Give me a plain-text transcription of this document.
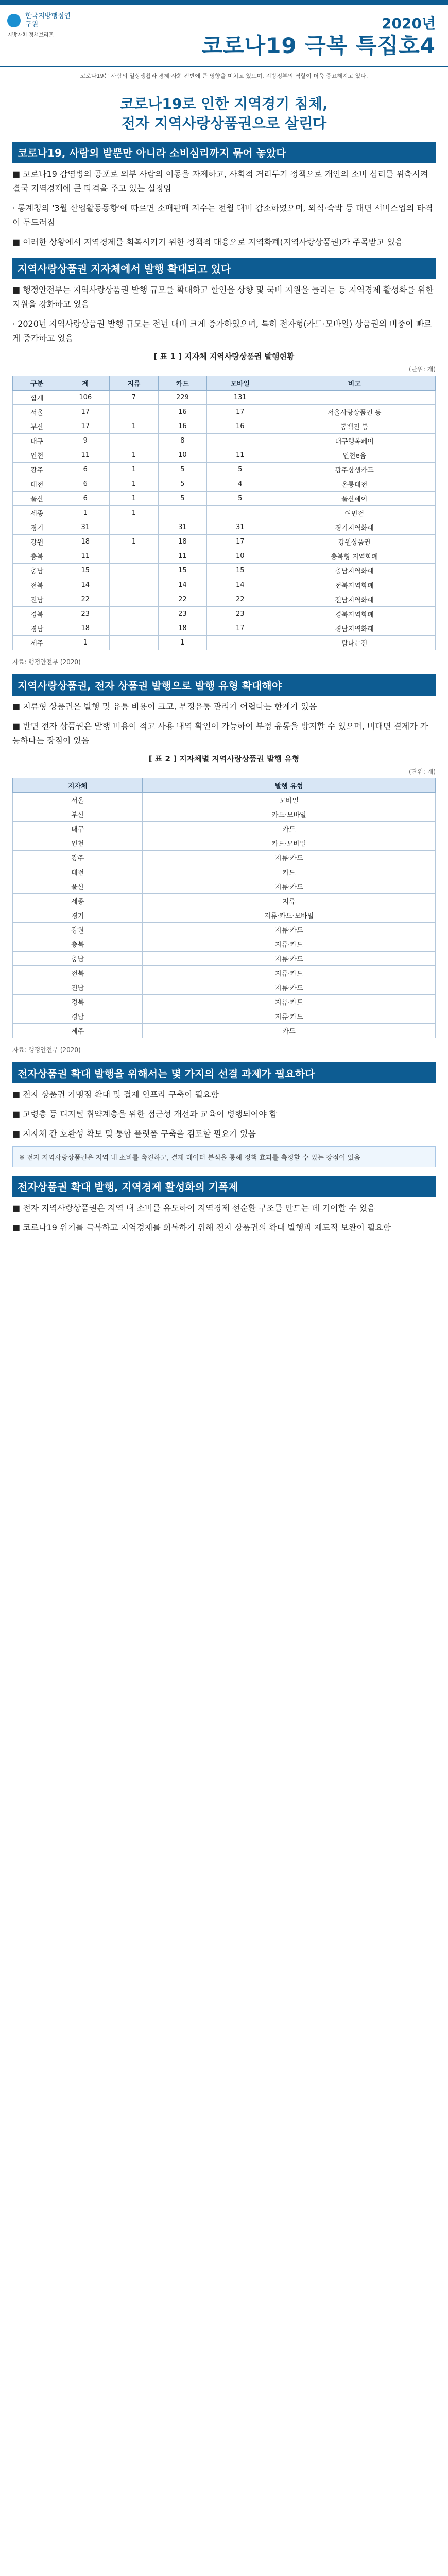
한국지방행정연구원
지방자치 정책브리프
2020년
코로나19 극복 특집호4
코로나19는 사람의 일상생활과 경제·사회 전반에 큰 영향을 미치고 있으며, 지방정부의 역할이 더욱 중요해지고 있다.
코로나19로 인한 지역경기 침체,
전자 지역사랑상품권으로 살린다
코로나19, 사람의 발뿐만 아니라 소비심리까지 묶어 놓았다
■ 코로나19 감염병의 공포로 외부 사람의 이동을 자제하고, 사회적 거리두기 정책으로 개인의 소비 심리를 위축시켜 결국 지역경제에 큰 타격을 주고 있는 실정임
· 통계청의 '3월 산업활동동향'에 따르면 소매판매 지수는 전월 대비 감소하였으며, 외식·숙박 등 대면 서비스업의 타격이 두드러짐
■ 이러한 상황에서 지역경제를 회복시키기 위한 정책적 대응으로 지역화폐(지역사랑상품권)가 주목받고 있음
지역사랑상품권 지자체에서 발행 확대되고 있다
■ 행정안전부는 지역사랑상품권 발행 규모를 확대하고 할인율 상향 및 국비 지원을 늘리는 등 지역경제 활성화를 위한 지원을 강화하고 있음
· 2020년 지역사랑상품권 발행 규모는 전년 대비 크게 증가하였으며, 특히 전자형(카드·모바일) 상품권의 비중이 빠르게 증가하고 있음
[ 표 1 ] 지자체 지역사랑상품권 발행현황
(단위: 개)
구분	계	지류	카드	모바일	비고
합계	106	7	229	131	
서울	17		16	17	서울사랑상품권 등
부산	17	1	16	16	동백전 등
대구	9		8		대구행복페이
인천	11	1	10	11	인천e음
광주	6	1	5	5	광주상생카드
대전	6	1	5	4	온통대전
울산	6	1	5	5	울산페이
세종	1	1			여민전
경기	31		31	31	경기지역화폐
강원	18	1	18	17	강원상품권
충북	11		11	10	충북형 지역화폐
충남	15		15	15	충남지역화폐
전북	14		14	14	전북지역화폐
전남	22		22	22	전남지역화폐
경북	23		23	23	경북지역화폐
경남	18		18	17	경남지역화폐
제주	1		1		탐나는전
자료: 행정안전부 (2020)
지역사랑상품권, 전자 상품권 발행으로 발행 유형 확대해야
■ 지류형 상품권은 발행 및 유통 비용이 크고, 부정유통 관리가 어렵다는 한계가 있음
■ 반면 전자 상품권은 발행 비용이 적고 사용 내역 확인이 가능하여 부정 유통을 방지할 수 있으며, 비대면 결제가 가능하다는 장점이 있음
[ 표 2 ] 지자체별 지역사랑상품권 발행 유형
(단위: 개)
지자체	발행 유형
서울	모바일
부산	카드·모바일
대구	카드
인천	카드·모바일
광주	지류·카드
대전	카드
울산	지류·카드
세종	지류
경기	지류·카드·모바일
강원	지류·카드
충북	지류·카드
충남	지류·카드
전북	지류·카드
전남	지류·카드
경북	지류·카드
경남	지류·카드
제주	카드
자료: 행정안전부 (2020)
전자상품권 확대 발행을 위해서는 몇 가지의 선결 과제가 필요하다
■ 전자 상품권 가맹점 확대 및 결제 인프라 구축이 필요함
■ 고령층 등 디지털 취약계층을 위한 접근성 개선과 교육이 병행되어야 함
■ 지자체 간 호환성 확보 및 통합 플랫폼 구축을 검토할 필요가 있음
※ 전자 지역사랑상품권은 지역 내 소비를 촉진하고, 결제 데이터 분석을 통해 정책 효과를 측정할 수 있는 장점이 있음
전자상품권 확대 발행, 지역경제 활성화의 기폭제
■ 전자 지역사랑상품권은 지역 내 소비를 유도하여 지역경제 선순환 구조를 만드는 데 기여할 수 있음
■ 코로나19 위기를 극복하고 지역경제를 회복하기 위해 전자 상품권의 확대 발행과 제도적 보완이 필요함
